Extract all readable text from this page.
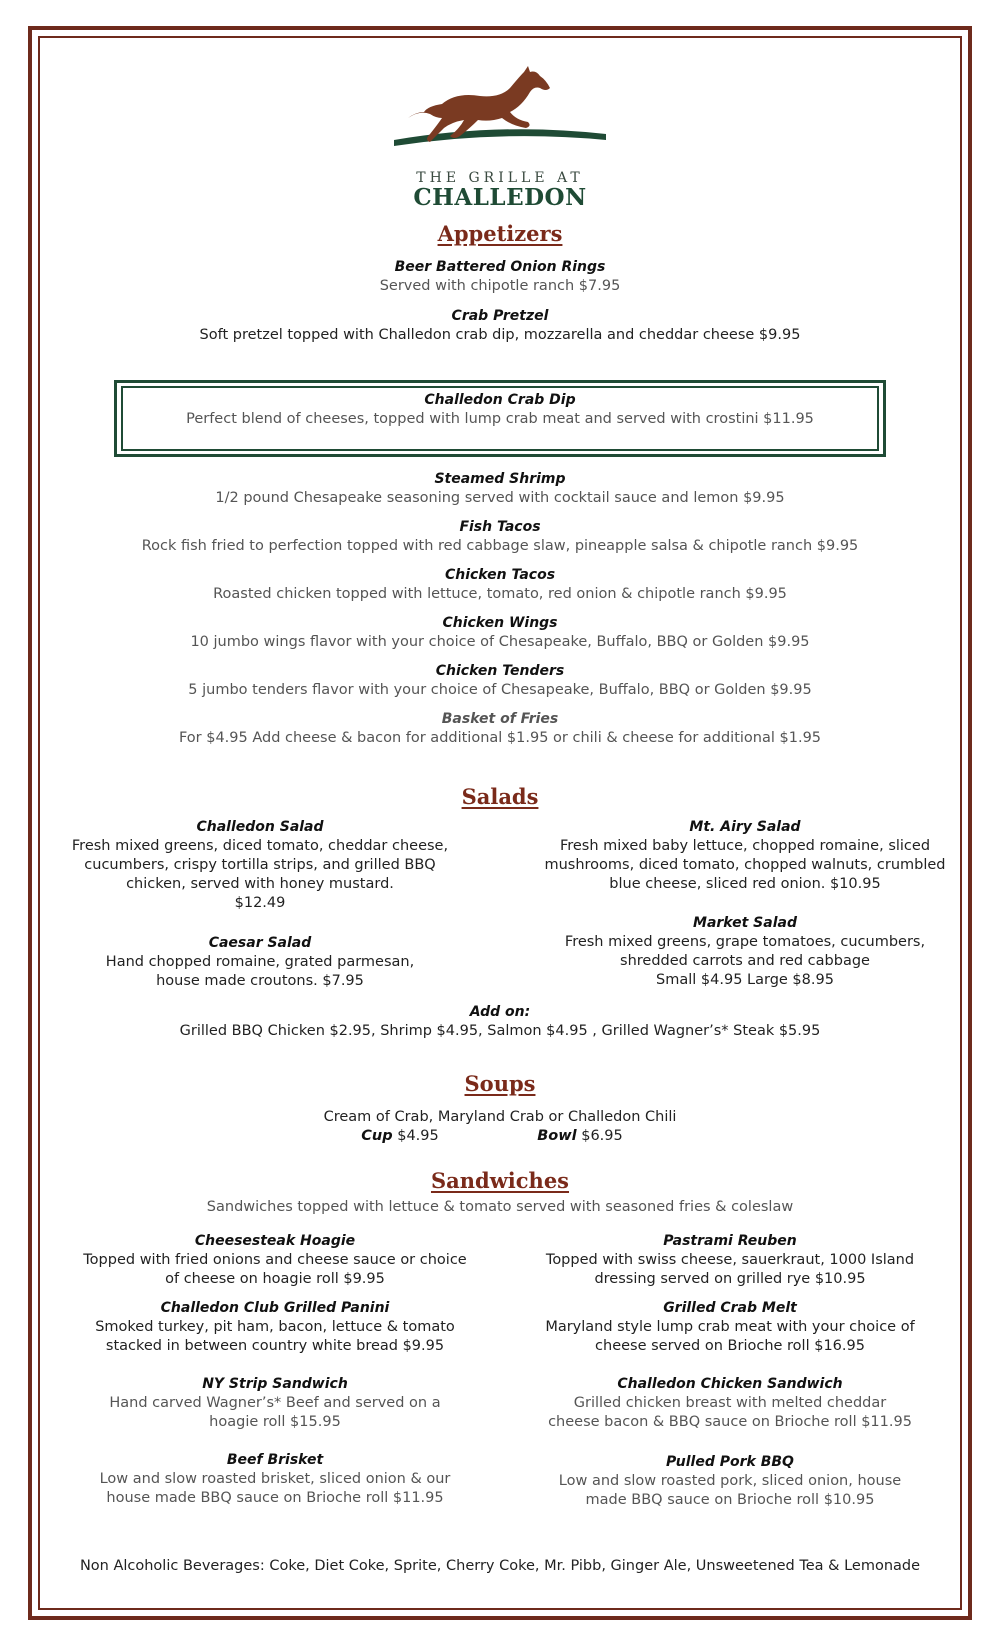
THE GRILLE AT
CHALLEDON
Appetizers
Beer Battered Onion Rings
Served with chipotle ranch $7.95
Crab Pretzel
Soft pretzel topped with Challedon crab dip, mozzarella and cheddar cheese $9.95
Challedon Crab Dip
Perfect blend of cheeses, topped with lump crab meat and served with crostini $11.95
Steamed Shrimp
1/2 pound Chesapeake seasoning served with cocktail sauce and lemon $9.95
Fish Tacos
Rock fish fried to perfection topped with red cabbage slaw, pineapple salsa & chipotle ranch $9.95
Chicken Tacos
Roasted chicken topped with lettuce, tomato, red onion & chipotle ranch $9.95
Chicken Wings
10 jumbo wings flavor with your choice of Chesapeake, Buffalo, BBQ or Golden $9.95
Chicken Tenders
5 jumbo tenders flavor with your choice of Chesapeake, Buffalo, BBQ or Golden $9.95
Basket of Fries
For $4.95 Add cheese & bacon for additional $1.95 or chili & cheese for additional $1.95
Salads
Challedon Salad
Fresh mixed greens, diced tomato, cheddar cheese,
cucumbers, crispy tortilla strips, and grilled BBQ
chicken, served with honey mustard.
$12.49
Caesar Salad
Hand chopped romaine, grated parmesan,
house made croutons. $7.95
Mt. Airy Salad
Fresh mixed baby lettuce, chopped romaine, sliced
mushrooms, diced tomato, chopped walnuts, crumbled
blue cheese, sliced red onion. $10.95
Market Salad
Fresh mixed greens, grape tomatoes, cucumbers,
shredded carrots and red cabbage
Small $4.95 Large $8.95
Add on:
Grilled BBQ Chicken $2.95, Shrimp $4.95, Salmon $4.95 , Grilled Wagner’s* Steak $5.95
Soups
Cream of Crab, Maryland Crab or Challedon Chili
Cup $4.95	Bowl $6.95
Sandwiches
Sandwiches topped with lettuce & tomato served with seasoned fries & coleslaw
Cheesesteak Hoagie
Topped with fried onions and cheese sauce or choice
of cheese on hoagie roll $9.95
Challedon Club Grilled Panini
Smoked turkey, pit ham, bacon, lettuce & tomato
stacked in between country white bread $9.95
NY Strip Sandwich
Hand carved Wagner’s* Beef and served on a
hoagie roll $15.95
Beef Brisket
Low and slow roasted brisket, sliced onion & our
house made BBQ sauce on Brioche roll $11.95
Pastrami Reuben
Topped with swiss cheese, sauerkraut, 1000 Island
dressing served on grilled rye $10.95
Grilled Crab Melt
Maryland style lump crab meat with your choice of
cheese served on Brioche roll $16.95
Challedon Chicken Sandwich
Grilled chicken breast with melted cheddar
cheese bacon & BBQ sauce on Brioche roll $11.95
Pulled Pork BBQ
Low and slow roasted pork, sliced onion, house
made BBQ sauce on Brioche roll $10.95
Non Alcoholic Beverages: Coke, Diet Coke, Sprite, Cherry Coke, Mr. Pibb, Ginger Ale, Unsweetened Tea & Lemonade
